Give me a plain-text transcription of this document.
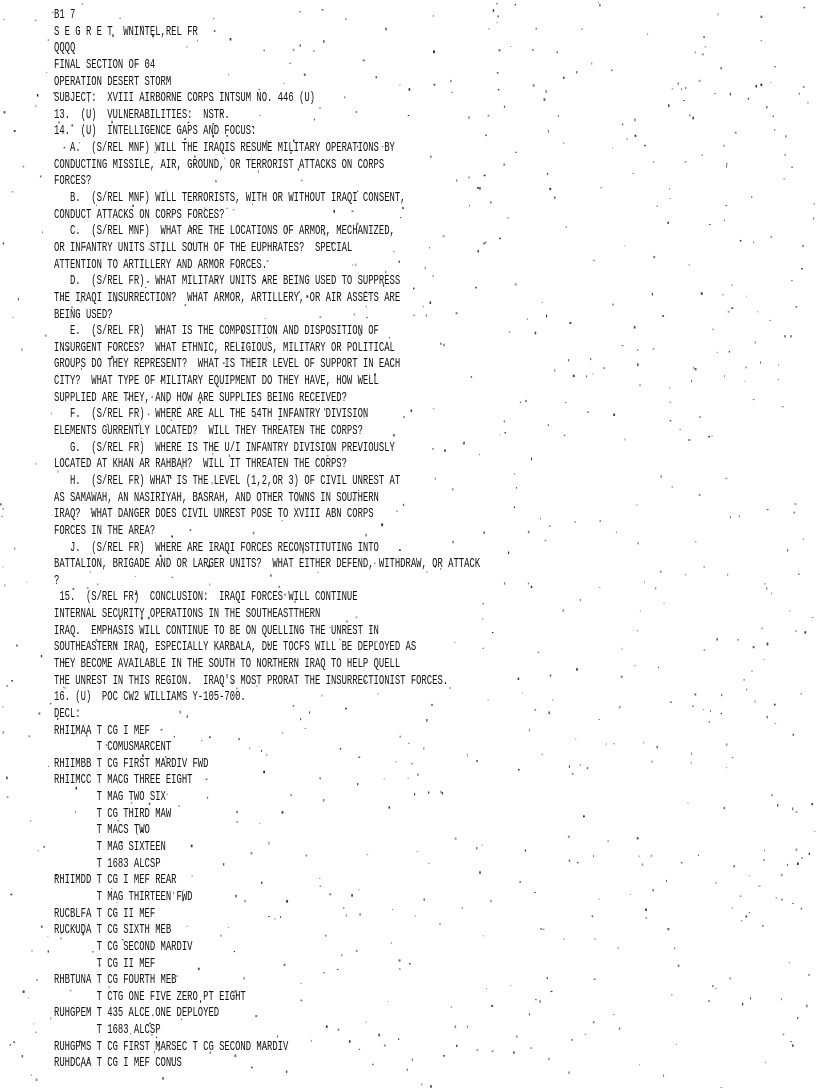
B1 7
S E G R E T  WNINTEL,REL FR
QQQQ
FINAL SECTION OF 04
OPERATION DESERT STORM
SUBJECT:  XVIII AIRBORNE CORPS INTSUM NO. 446 (U)
13.  (U)  VULNERABILITIES:  NSTR.
14.  (U)  INTELLIGENCE GAPS AND FOCUS:
A.  (S/REL MNF) WILL THE IRAQIS RESUME MILITARY OPERATIONS BY
CONDUCTING MISSILE, AIR, GROUND, OR TERRORIST ATTACKS ON CORPS
FORCES?
B.  (S/REL MNF) WILL TERRORISTS, WITH OR WITHOUT IRAQI CONSENT,
CONDUCT ATTACKS ON CORPS FORCES?
C.  (S/REL MNF)  WHAT ARE THE LOCATIONS OF ARMOR, MECHANIZED,
OR INFANTRY UNITS STILL SOUTH OF THE EUPHRATES?  SPECIAL
ATTENTION TO ARTILLERY AND ARMOR FORCES.
D.  (S/REL FR)  WHAT MILITARY UNITS ARE BEING USED TO SUPPRESS
THE IRAQI INSURRECTION?  WHAT ARMOR, ARTILLERY, OR AIR ASSETS ARE
BEING USED?
E.  (S/REL FR)  WHAT IS THE COMPOSITION AND DISPOSITION OF
INSURGENT FORCES?  WHAT ETHNIC, RELIGIOUS, MILITARY OR POLITICAL
GROUPS DO THEY REPRESENT?  WHAT IS THEIR LEVEL OF SUPPORT IN EACH
CITY?  WHAT TYPE OF MILITARY EQUIPMENT DO THEY HAVE, HOW WELL
SUPPLIED ARE THEY, AND HOW ARE SUPPLIES BEING RECEIVED?
F.  (S/REL FR)  WHERE ARE ALL THE 54TH INFANTRY DIVISION
ELEMENTS CURRENTLY LOCATED?  WILL THEY THREATEN THE CORPS?
G.  (S/REL FR)  WHERE IS THE U/I INFANTRY DIVISION PREVIOUSLY
LOCATED AT KHAN AR RAHBAH?  WILL IT THREATEN THE CORPS?
H.  (S/REL FR) WHAT IS THE LEVEL (1,2,OR 3) OF CIVIL UNREST AT
AS SAMAWAH, AN NASIRIYAH, BASRAH, AND OTHER TOWNS IN SOUTHERN
IRAQ?  WHAT DANGER DOES CIVIL UNREST POSE TO XVIII ABN CORPS
FORCES IN THE AREA?
J.  (S/REL FR)  WHERE ARE IRAQI FORCES RECONSTITUTING INTO
BATTALION, BRIGADE AND OR LARGER UNITS?  WHAT EITHER DEFEND, WITHDRAW, OR ATTACK
?
15.  (S/REL FR)  CONCLUSION:  IRAQI FORCES WILL CONTINUE
INTERNAL SECURITY OPERATIONS IN THE SOUTHEASTTHERN
IRAQ.  EMPHASIS WILL CONTINUE TO BE ON QUELLING THE UNREST IN
SOUTHEASTERN IRAQ, ESPECIALLY KARBALA, DUE TOCFS WILL BE DEPLOYED AS
THEY BECOME AVAILABLE IN THE SOUTH TO NORTHERN IRAQ TO HELP QUELL
THE UNREST IN THIS REGION.  IRAQ'S MOST PRORAT THE INSURRECTIONIST FORCES.
16. (U)  POC CW2 WILLIAMS Y-105-700.
DECL:
RHIIMAA T CG I MEF
T COMUSMARCENT
RHIIMBB T CG FIRST MARDIV FWD
RHIIMCC T MACG THREE EIGHT
T MAG TWO SIX
T CG THIRD MAW
T MACS TWO
T MAG SIXTEEN
T 1683 ALCSP
RHIIMDD T CG I MEF REAR
T MAG THIRTEEN FWD
RUCBLFA T CG II MEF
RUCKUDA T CG SIXTH MEB
T CG SECOND MARDIV
T CG II MEF
RHBTUNA T CG FOURTH MEB
T CTG ONE FIVE ZERO PT EIGHT
RUHGPEM T 435 ALCE ONE DEPLOYED
T 1683 ALCSP
RUHGPMS T CG FIRST MARSEC T CG SECOND MARDIV
RUHDCAA T CG I MEF CONUS
